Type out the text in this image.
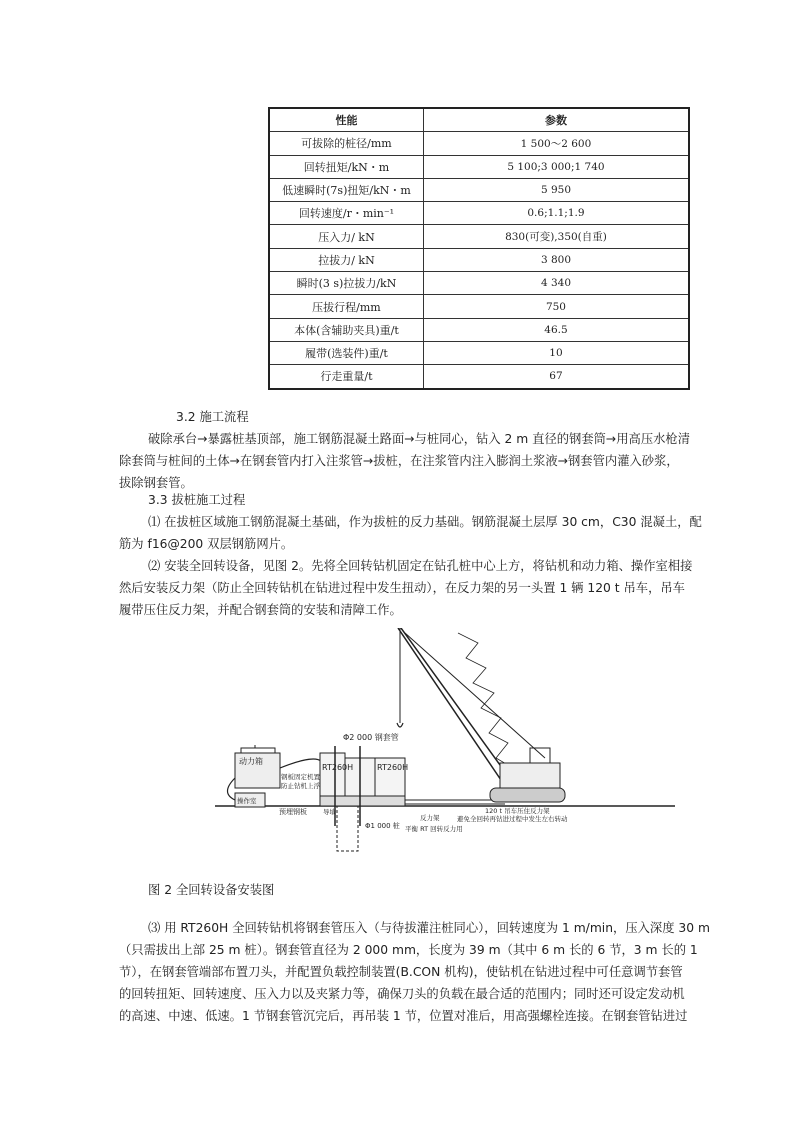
性能	参数
可拔除的桩径/mm	1 500～2 600
回转扭矩/kN・m	5 100;3 000;1 740
低速瞬时(7s)扭矩/kN・m	5 950
回转速度/r・min⁻¹	0.6;1.1;1.9
压入力/ kN	830(可变),350(自重)
拉拔力/ kN	3 800
瞬时(3 s)拉拔力/kN	4 340
压拔行程/mm	750
本体(含辅助夹具)重/t	46.5
履带(选装件)重/t	10
行走重量/t	67
3.2 施工流程
破除承台→暴露桩基顶部，施工钢筋混凝土路面→与桩同心，钻入 2 m 直径的钢套筒→用高压水枪清
除套筒与桩间的土体→在钢套管内打入注浆管→拔桩，在注浆管内注入膨润土浆液→钢套管内灌入砂浆，
拔除钢套管。
3.3 拔桩施工过程
⑴ 在拔桩区域施工钢筋混凝土基础，作为拔桩的反力基础。钢筋混凝土层厚 30 cm，C30 混凝土，配
筋为 f16@200 双层钢筋网片。
⑵ 安装全回转设备，见图 2。先将全回转钻机固定在钻孔桩中心上方，将钻机和动力箱、操作室相接
然后安装反力架（防止全回转钻机在钻进过程中发生扭动），在反力架的另一头置 1 辆 120 t 吊车，吊车
履带压住反力架，并配合钢套筒的安装和清障工作。
Φ2 000 钢套管
动力箱
RT260H	RT260H
钢板固定机置
防止钻机上浮
操作室
预埋钢板 导墙
Φ1 000 桩
120 t 吊车压住反力架
避免全回转再钻进过程中发生左右转动
反力架
平衡 RT 回转反力用
图 2 全回转设备安装图
⑶ 用 RT260H 全回转钻机将钢套管压入（与待拔灌注桩同心），回转速度为 1 m/min，压入深度 30 m
（只需拔出上部 25 m 桩）。钢套管直径为 2 000 mm，长度为 39 m（其中 6 m 长的 6 节，3 m 长的 1
节），在钢套管端部布置刀头，并配置负载控制装置(B.CON 机构)，使钻机在钻进过程中可任意调节套管
的回转扭矩、回转速度、压入力以及夹紧力等，确保刀头的负载在最合适的范围内；同时还可设定发动机
的高速、中速、低速。1 节钢套管沉完后，再吊装 1 节，位置对准后，用高强螺栓连接。在钢套管钻进过
